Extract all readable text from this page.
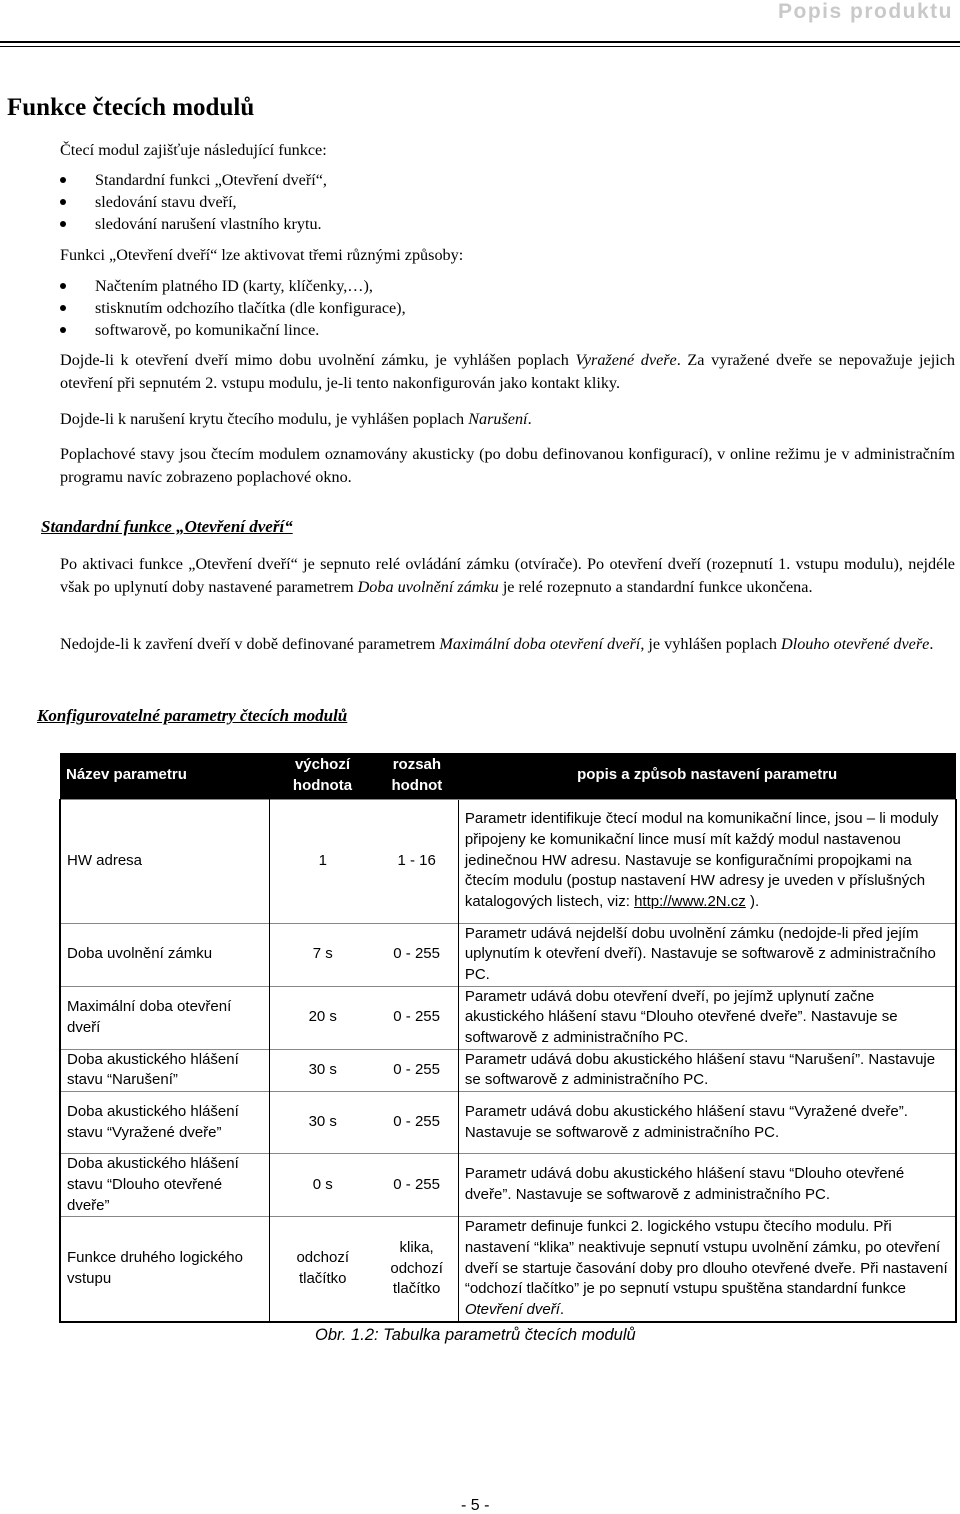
Popis produktu
Funkce čtecích modulů
Čtecí modul zajišťuje následující funkce:
Standardní funkci „Otevření dveří“,
sledování stavu dveří,
sledování narušení vlastního krytu.
Funkci „Otevření dveří“ lze aktivovat třemi různými způsoby:
Načtením platného ID (karty, klíčenky,…),
stisknutím odchozího tlačítka (dle konfigurace),
softwarově, po komunikační lince.
Dojde-li k otevření dveří mimo dobu uvolnění zámku, je vyhlášen poplach Vyražené dveře. Za vyražené dveře se nepovažuje jejich otevření při sepnutém 2. vstupu modulu, je-li tento nakonfigurován jako kontakt kliky.
Dojde-li k narušení krytu čtecího modulu, je vyhlášen poplach Narušení.
Poplachové stavy jsou čtecím modulem oznamovány akusticky (po dobu definovanou konfigurací), v online režimu je v administračním programu navíc zobrazeno poplachové okno.
Standardní funkce „Otevření dveří“
Po aktivaci funkce „Otevření dveří“ je sepnuto relé ovládání zámku (otvírače). Po otevření dveří (rozepnutí 1. vstupu modulu), nejdéle však po uplynutí doby nastavené parametrem Doba uvolnění zámku je relé rozepnuto a standardní funkce ukončena.
Nedojde-li k zavření dveří v době definované parametrem Maximální doba otevření dveří, je vyhlášen poplach Dlouho otevřené dveře.
Konfigurovatelné parametry čtecích modulů
Název parametru	výchozí hodnota	rozsah hodnot	popis a způsob nastavení parametru
HW adresa	1	1 - 16	Parametr identifikuje čtecí modul na komunikační lince, jsou – li moduly připojeny ke komunikační lince musí mít každý modul nastavenou jedinečnou HW adresu. Nastavuje se konfiguračními propojkami na čtecím modulu (postup nastavení HW adresy je uveden v příslušných katalogových listech, viz: http://www.2N.cz ).
Doba uvolnění zámku	7 s	0 - 255	Parametr udává nejdelší dobu uvolnění zámku (nedojde-li před jejím uplynutím k otevření dveří). Nastavuje se softwarově z administračního PC.
Maximální doba otevření dveří	20 s	0 - 255	Parametr udává dobu otevření dveří, po jejímž uplynutí začne akustického hlášení stavu “Dlouho otevřené dveře”. Nastavuje se softwarově z administračního PC.
Doba akustického hlášení stavu “Narušení”	30 s	0 - 255	Parametr udává dobu akustického hlášení stavu “Narušení”. Nastavuje se softwarově z administračního PC.
Doba akustického hlášení stavu “Vyražené dveře”	30 s	0 - 255	Parametr udává dobu akustického hlášení stavu “Vyražené dveře”. Nastavuje se softwarově z administračního PC.
Doba akustického hlášení stavu “Dlouho otevřené dveře”	0 s	0 - 255	Parametr udává dobu akustického hlášení stavu “Dlouho otevřené dveře”. Nastavuje se softwarově z administračního PC.
Funkce druhého logického vstupu	odchozí tlačítko	klika, odchozí tlačítko	Parametr definuje funkci 2. logického vstupu čtecího modulu. Při nastavení “klika” neaktivuje sepnutí vstupu uvolnění zámku, po otevření dveří se startuje časování doby pro dlouho otevřené dveře. Při nastavení “odchozí tlačítko” je po sepnutí vstupu spuštěna standardní funkce Otevření dveří.
Obr. 1.2: Tabulka parametrů čtecích modulů
- 5 -
